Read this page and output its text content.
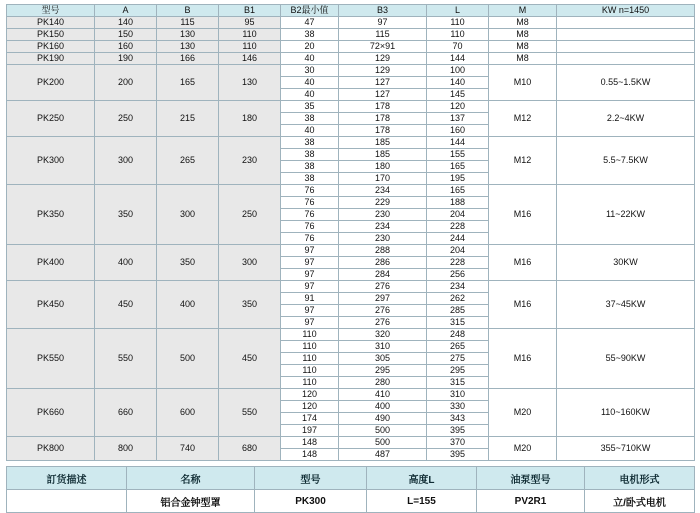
型号	A	B	B1	B2最小值	B3	L	M	KW n=1450
PK140	140	115	95	47	97	110	M8	
PK150	150	130	110	38	115	110	M8	
PK160	160	130	110	20	72×91	70	M8	
PK190	190	166	146	40	129	144	M8	
PK200	200	165	130	30	129	100	M10	0.55~1.5KW
				40	127	140		
				40	127	145		
PK250	250	215	180	35	178	120	M12	2.2~4KW
				38	178	137		
				40	178	160		
PK300	300	265	230	38	185	144	M12	5.5~7.5KW
				38	185	155		
				38	180	165		
				38	170	195		
PK350	350	300	250	76	234	165	M16	11~22KW
				76	229	188		
				76	230	204		
				76	234	228		
				76	230	244		
PK400	400	350	300	97	288	204	M16	30KW
				97	286	228		
				97	284	256		
PK450	450	400	350	97	276	234	M16	37~45KW
				91	297	262		
				97	276	285		
				97	276	315		
PK550	550	500	450	110	320	248	M16	55~90KW
				110	310	265		
				110	305	275		
				110	295	295		
				110	280	315		
PK660	660	600	550	120	410	310	M20	110~160KW
				120	400	330		
				174	490	343		
				197	500	395		
PK800	800	740	680	148	500	370	M20	355~710KW
				148	487	395		
訂货描述	名称	型号	高度L	油泵型号	电机形式
	铝合金钟型罩	PK300	L=155	PV2R1	立/卧式电机
